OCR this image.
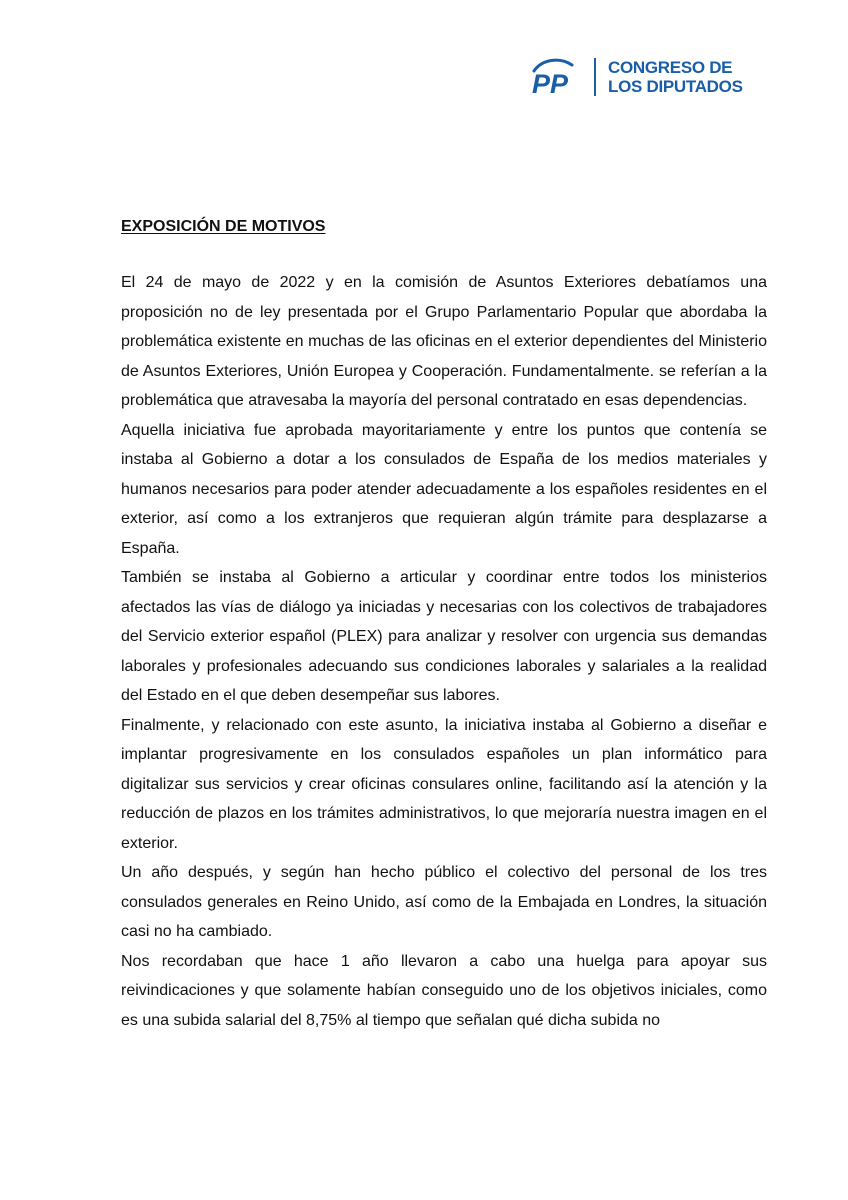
PP
CONGRESO DE
LOS DIPUTADOS
EXPOSICIÓN DE MOTIVOS

El 24 de mayo de 2022 y en la comisión de Asuntos Exteriores debatíamos una proposición no de ley presentada por el Grupo Parlamentario Popular que abordaba la problemática existente en muchas de las oficinas en el exterior dependientes del Ministerio de Asuntos Exteriores, Unión Europea y Cooperación. Fundamentalmente. se referían a la problemática que atravesaba la mayoría del personal contratado en esas dependencias.

Aquella iniciativa fue aprobada mayoritariamente y entre los puntos que contenía se instaba al Gobierno a dotar a los consulados de España de los medios materiales y humanos necesarios para poder atender adecuadamente a los españoles residentes en el exterior, así como a los extranjeros que requieran algún trámite para desplazarse a España.

También se instaba al Gobierno a articular y coordinar entre todos los ministerios afectados las vías de diálogo ya iniciadas y necesarias con los colectivos de trabajadores del Servicio exterior español (PLEX) para analizar y resolver con urgencia sus demandas laborales y profesionales adecuando sus condiciones laborales y salariales a la realidad del Estado en el que deben desempeñar sus labores.

Finalmente, y relacionado con este asunto, la iniciativa instaba al Gobierno a diseñar e implantar progresivamente en los consulados españoles un plan informático para digitalizar sus servicios y crear oficinas consulares online, facilitando así la atención y la reducción de plazos en los trámites administrativos, lo que mejoraría nuestra imagen en el exterior.

Un año después, y según han hecho público el colectivo del personal de los tres consulados generales en Reino Unido, así como de la Embajada en Londres, la situación casi no ha cambiado.

Nos recordaban que hace 1 año llevaron a cabo una huelga para apoyar sus reivindicaciones y que solamente habían conseguido uno de los objetivos iniciales, como es una subida salarial del 8,75% al tiempo que señalan qué dicha subida no
